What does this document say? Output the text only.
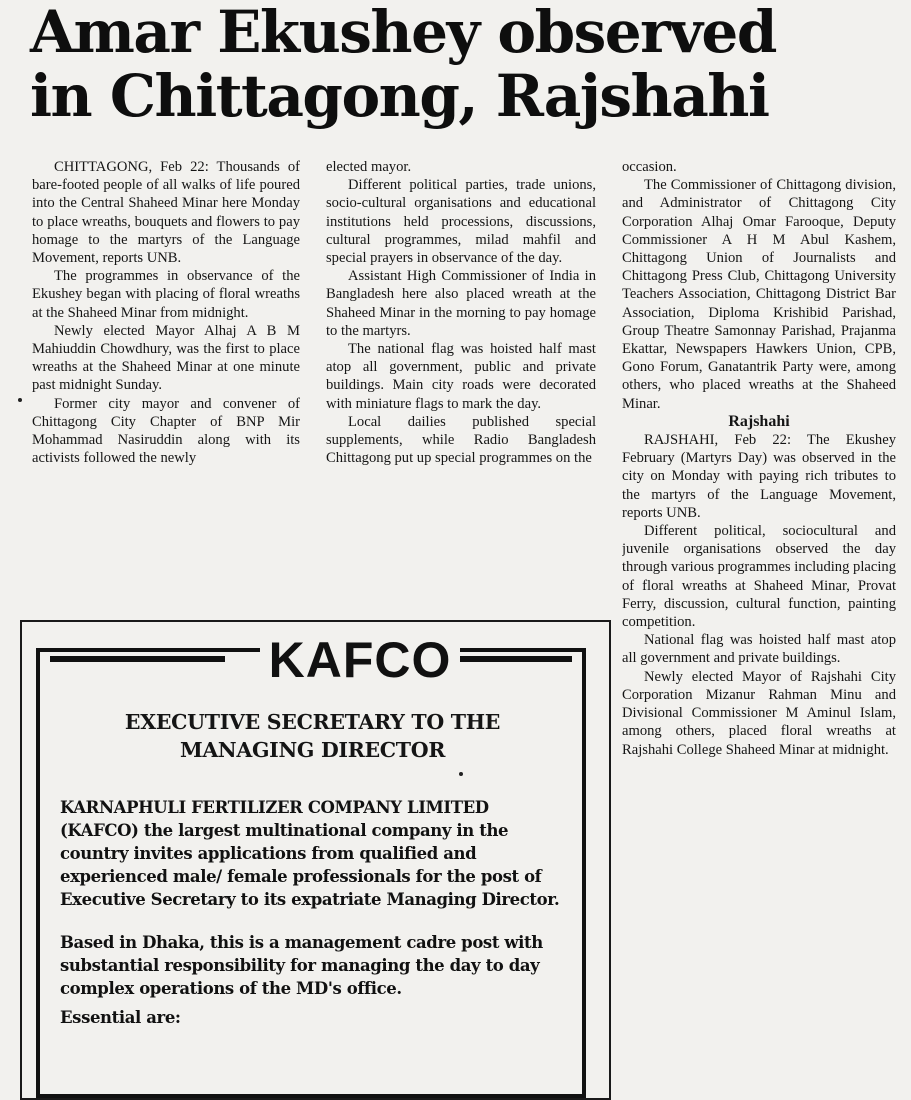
Amar Ekushey observed
in Chittagong, Rajshahi

CHITTAGONG, Feb 22: Thousands of bare-footed people of all walks of life poured into the Central Shaheed Minar here Monday to place wreaths, bouquets and flowers to pay homage to the martyrs of the Language Movement, reports UNB.

The programmes in observance of the Ekushey began with placing of floral wreaths at the Shaheed Minar from midnight.

Newly elected Mayor Alhaj A B M Mahiuddin Chowdhury, was the first to place wreaths at the Shaheed Minar at one minute past midnight Sunday.

Former city mayor and convener of Chittagong City Chapter of BNP Mir Mohammad Nasiruddin along with its activists followed the newly

elected mayor.

Different political parties, trade unions, socio-cultural organisations and educational institutions held processions, discussions, cultural programmes, milad mahfil and special prayers in observance of the day.

Assistant High Commissioner of India in Bangladesh here also placed wreath at the Shaheed Minar in the morning to pay homage to the martyrs.

The national flag was hoisted half mast atop all government, public and private buildings. Main city roads were decorated with miniature flags to mark the day.

Local dailies published special supplements, while Radio Bangladesh Chittagong put up special programmes on the

occasion.

The Commissioner of Chittagong division, and Administrator of Chittagong City Corporation Alhaj Omar Farooque, Deputy Commissioner A H M Abul Kashem, Chittagong Union of Journalists and Chittagong Press Club, Chittagong University Teachers Association, Chittagong District Bar Association, Diploma Krishibid Parishad, Group Theatre Samonnay Parishad, Prajanma Ekattar, Newspapers Hawkers Union, CPB, Gono Forum, Ganatantrik Party were, among others, who placed wreaths at the Shaheed Minar.

Rajshahi

RAJSHAHI, Feb 22: The Ekushey February (Martyrs Day) was observed in the city on Monday with paying rich tributes to the martyrs of the Language Movement, reports UNB.

Different political, sociocultural and juvenile organisations observed the day through various programmes including placing of floral wreaths at Shaheed Minar, Provat Ferry, discussion, cultural function, painting competition.

National flag was hoisted half mast atop all government and private buildings.

Newly elected Mayor of Rajshahi City Corporation Mizanur Rahman Minu and Divisional Commissioner M Aminul Islam, among others, placed floral wreaths at Rajshahi College Shaheed Minar at midnight.

KAFCO
EXECUTIVE SECRETARY TO THE
MANAGING DIRECTOR

KARNAPHULI FERTILIZER COMPANY LIMITED (KAFCO) the largest multinational company in the country invites applications from qualified and experienced male/ female professionals for the post of Executive Secretary to its expatriate Managing Director.

Based in Dhaka, this is a management cadre post with substantial responsibility for managing the day to day complex operations of the MD's office.

Essential are:
